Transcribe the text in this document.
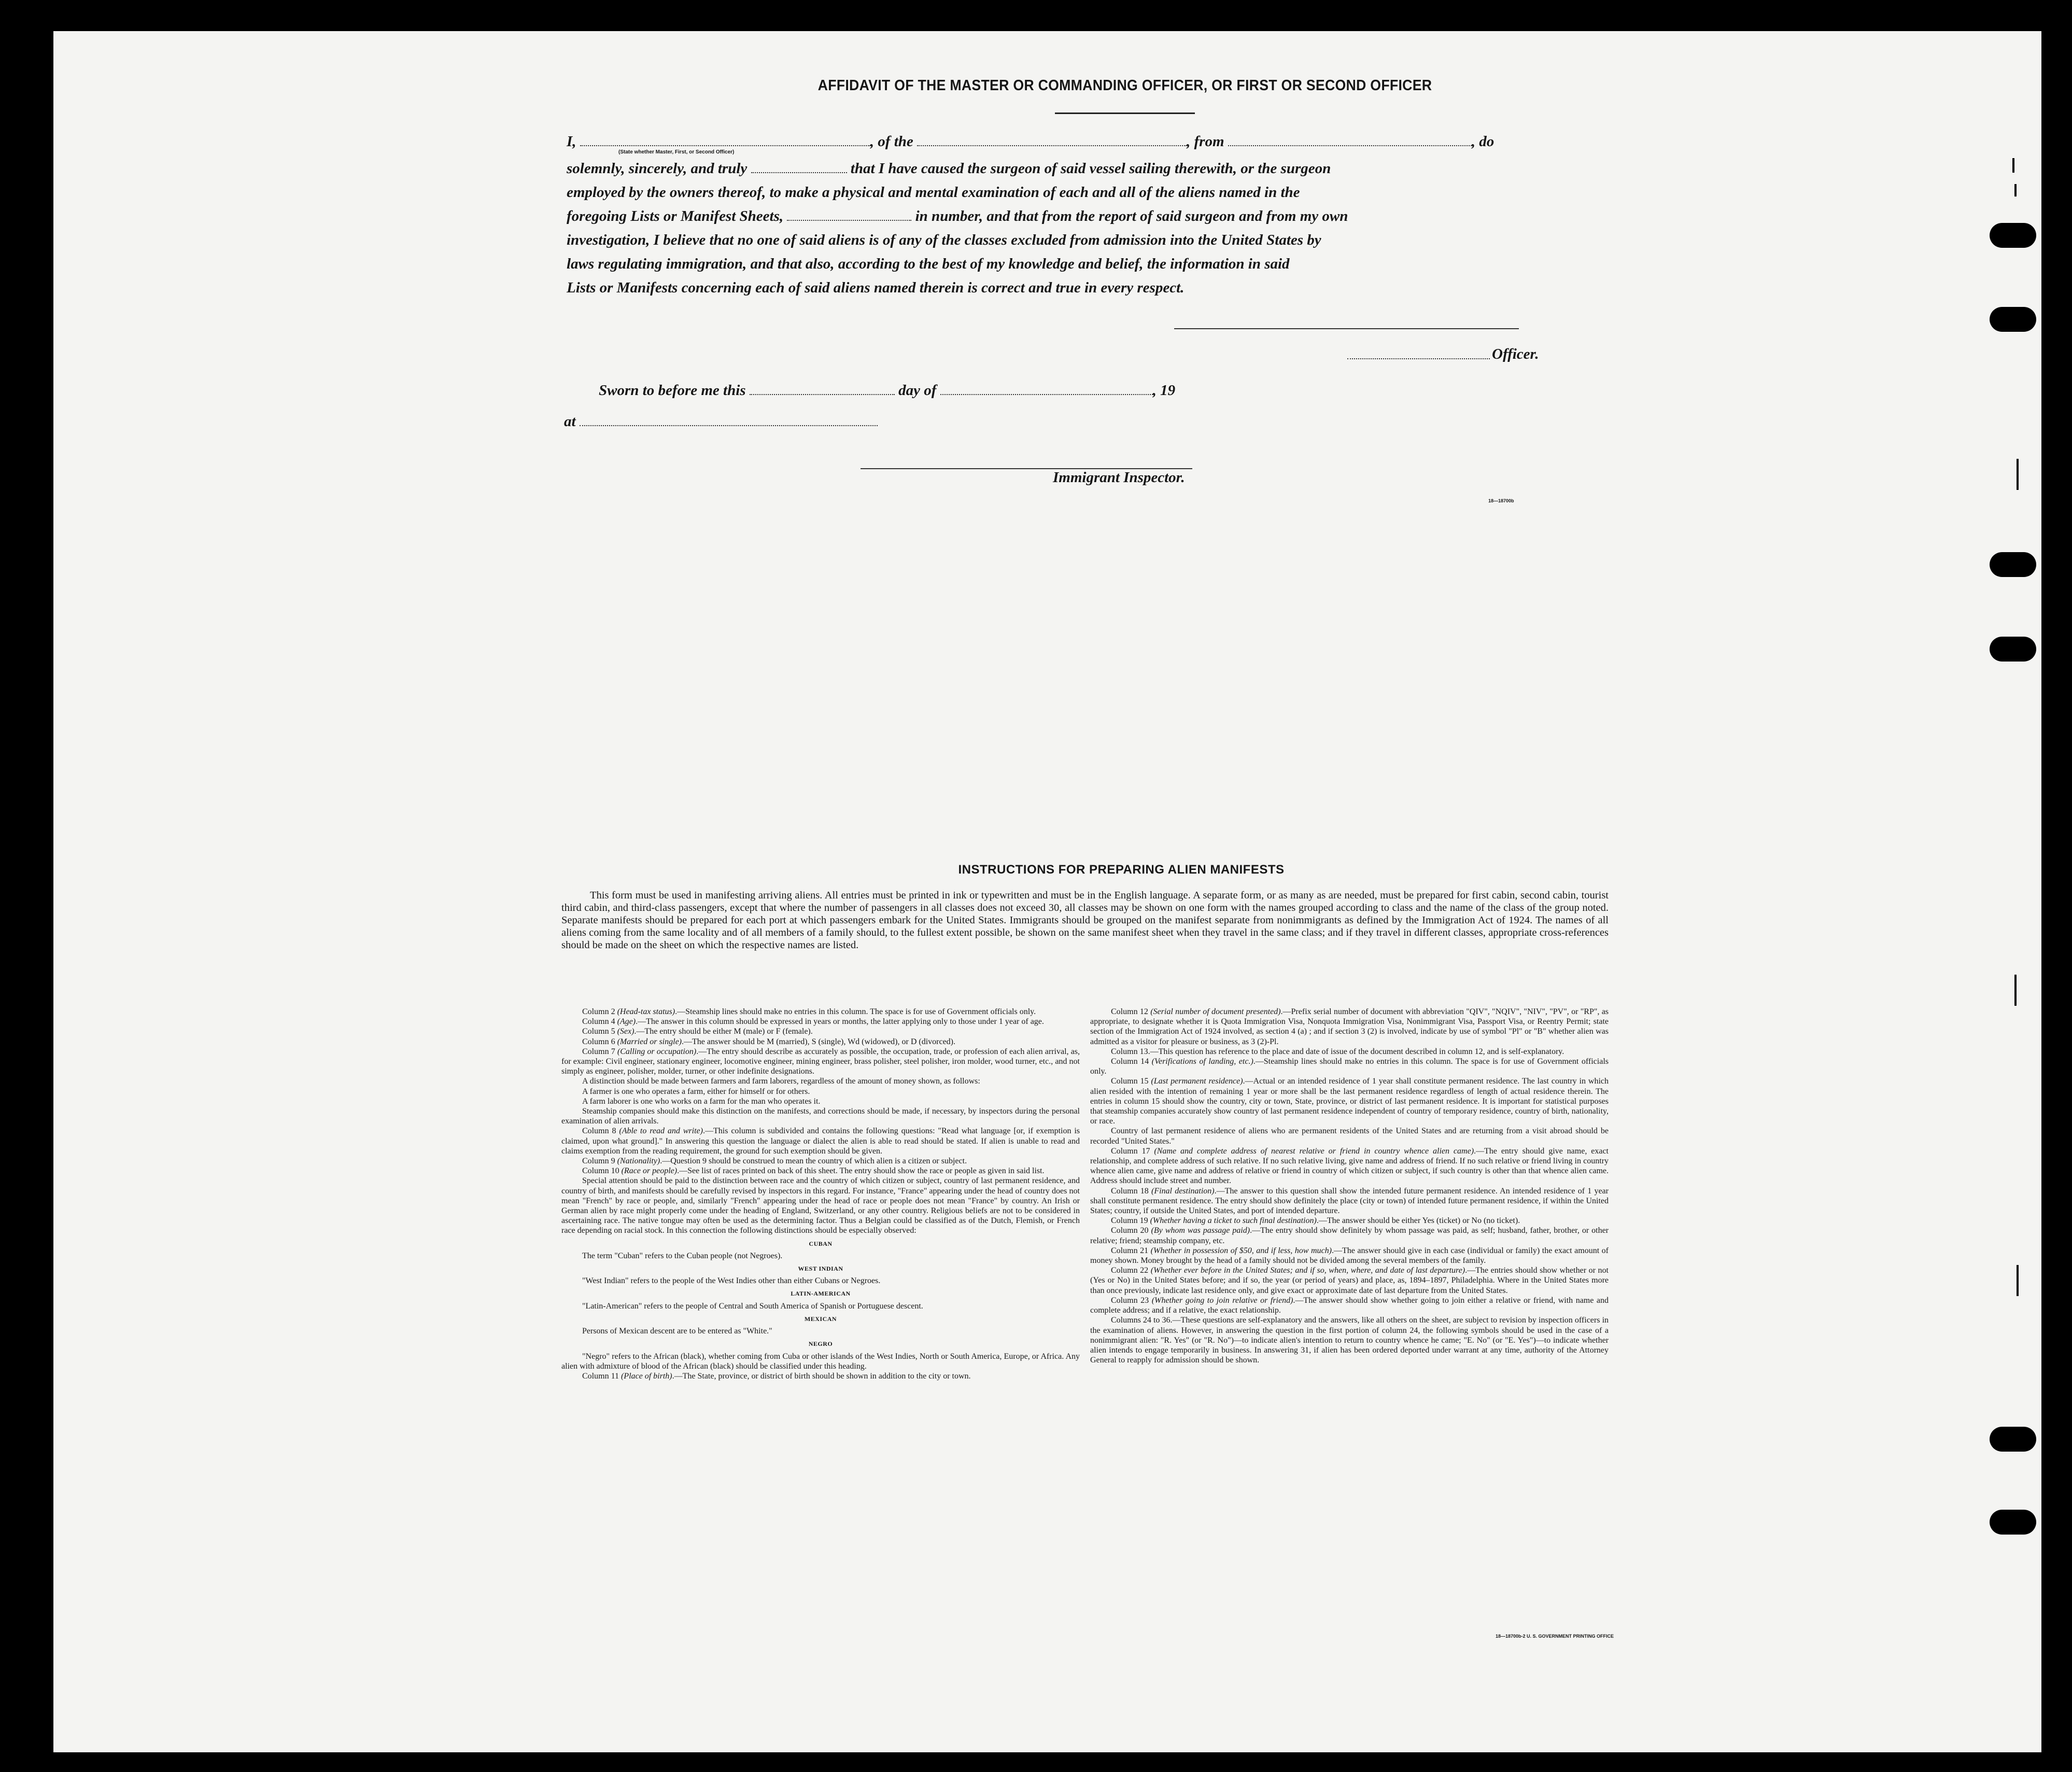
AFFIDAVIT OF THE MASTER OR COMMANDING OFFICER, OR FIRST OR SECOND OFFICER
I,	, of the	, from	, do
(State whether Master, First, or Second Officer)
solemnly, sincerely, and truly	that I have caused the surgeon of said vessel sailing therewith, or the surgeon
employed by the owners thereof, to make a physical and mental examination of each and all of the aliens named in the
foregoing Lists or Manifest Sheets,	in number, and that from the report of said surgeon and from my own
investigation, I believe that no one of said aliens is of any of the classes excluded from admission into the United States by
laws regulating immigration, and that also, according to the best of my knowledge and belief, the information in said
Lists or Manifests concerning each of said aliens named therein is correct and true in every respect.
Officer.
Sworn to before me this	day of	, 19
at
Immigrant Inspector.
18—18700b
INSTRUCTIONS FOR PREPARING ALIEN MANIFESTS

This form must be used in manifesting arriving aliens. All entries must be printed in ink or typewritten and must be in the English language. A separate form, or as many as are needed, must be prepared for first cabin, second cabin, tourist third cabin, and third-class passengers, except that where the number of passengers in all classes does not exceed 30, all classes may be shown on one form with the names grouped according to class and the name of the class of the group noted. Separate manifests should be prepared for each port at which passengers embark for the United States. Immigrants should be grouped on the manifest separate from nonimmigrants as defined by the Immigration Act of 1924. The names of all aliens coming from the same locality and of all members of a family should, to the fullest extent possible, be shown on the same manifest sheet when they travel in the same class; and if they travel in different classes, appropriate cross-references should be made on the sheet on which the respective names are listed.

Column 2 (Head-tax status).—Steamship lines should make no entries in this column. The space is for use of Government officials only.

Column 4 (Age).—The answer in this column should be expressed in years or months, the latter applying only to those under 1 year of age.

Column 5 (Sex).—The entry should be either M (male) or F (female).

Column 6 (Married or single).—The answer should be M (married), S (single), Wd (widowed), or D (divorced).

Column 7 (Calling or occupation).—The entry should describe as accurately as possible, the occupation, trade, or profession of each alien arrival, as, for example: Civil engineer, stationary engineer, locomotive engineer, mining engineer, brass polisher, steel polisher, iron molder, wood turner, etc., and not simply as engineer, polisher, molder, turner, or other indefinite designations.

A distinction should be made between farmers and farm laborers, regardless of the amount of money shown, as follows:

A farmer is one who operates a farm, either for himself or for others.

A farm laborer is one who works on a farm for the man who operates it.

Steamship companies should make this distinction on the manifests, and corrections should be made, if necessary, by inspectors during the personal examination of alien arrivals.

Column 8 (Able to read and write).—This column is subdivided and contains the following questions: "Read what language [or, if exemption is claimed, upon what ground]." In answering this question the language or dialect the alien is able to read should be stated. If alien is unable to read and claims exemption from the reading requirement, the ground for such exemption should be given.

Column 9 (Nationality).—Question 9 should be construed to mean the country of which alien is a citizen or subject.

Column 10 (Race or people).—See list of races printed on back of this sheet. The entry should show the race or people as given in said list.

Special attention should be paid to the distinction between race and the country of which citizen or subject, country of last permanent residence, and country of birth, and manifests should be carefully revised by inspectors in this regard. For instance, "France" appearing under the head of country does not mean "French" by race or people, and, similarly "French" appearing under the head of race or people does not mean "France" by country. An Irish or German alien by race might properly come under the heading of England, Switzerland, or any other country. Religious beliefs are not to be considered in ascertaining race. The native tongue may often be used as the determining factor. Thus a Belgian could be classified as of the Dutch, Flemish, or French race depending on racial stock. In this connection the following distinctions should be especially observed:

CUBAN

The term "Cuban" refers to the Cuban people (not Negroes).

WEST INDIAN

"West Indian" refers to the people of the West Indies other than either Cubans or Negroes.

LATIN-AMERICAN

"Latin-American" refers to the people of Central and South America of Spanish or Portuguese descent.

MEXICAN

Persons of Mexican descent are to be entered as "White."

NEGRO

"Negro" refers to the African (black), whether coming from Cuba or other islands of the West Indies, North or South America, Europe, or Africa. Any alien with admixture of blood of the African (black) should be classified under this heading.

Column 11 (Place of birth).—The State, province, or district of birth should be shown in addition to the city or town.

Column 12 (Serial number of document presented).—Prefix serial number of document with abbreviation "QIV", "NQIV", "NIV", "PV", or "RP", as appropriate, to designate whether it is Quota Immigration Visa, Nonquota Immigration Visa, Nonimmigrant Visa, Passport Visa, or Reentry Permit; state section of the Immigration Act of 1924 involved, as section 4 (a) ; and if section 3 (2) is involved, indicate by use of symbol "Pl" or "B" whether alien was admitted as a visitor for pleasure or business, as 3 (2)-Pl.

Column 13.—This question has reference to the place and date of issue of the document described in column 12, and is self-explanatory.

Column 14 (Verifications of landing, etc.).—Steamship lines should make no entries in this column. The space is for use of Government officials only.

Column 15 (Last permanent residence).—Actual or an intended residence of 1 year shall constitute permanent residence. The last country in which alien resided with the intention of remaining 1 year or more shall be the last permanent residence regardless of length of actual residence therein. The entries in column 15 should show the country, city or town, State, province, or district of last permanent residence. It is important for statistical purposes that steamship companies accurately show country of last permanent residence independent of country of temporary residence, country of birth, nationality, or race.

Country of last permanent residence of aliens who are permanent residents of the United States and are returning from a visit abroad should be recorded "United States."

Column 17 (Name and complete address of nearest relative or friend in country whence alien came).—The entry should give name, exact relationship, and complete address of such relative. If no such relative living, give name and address of friend. If no such relative or friend living in country whence alien came, give name and address of relative or friend in country of which citizen or subject, if such country is other than that whence alien came. Address should include street and number.

Column 18 (Final destination).—The answer to this question shall show the intended future permanent residence. An intended residence of 1 year shall constitute permanent residence. The entry should show definitely the place (city or town) of intended future permanent residence, if within the United States; country, if outside the United States, and port of intended departure.

Column 19 (Whether having a ticket to such final destination).—The answer should be either Yes (ticket) or No (no ticket).

Column 20 (By whom was passage paid).—The entry should show definitely by whom passage was paid, as self; husband, father, brother, or other relative; friend; steamship company, etc.

Column 21 (Whether in possession of $50, and if less, how much).—The answer should give in each case (individual or family) the exact amount of money shown. Money brought by the head of a family should not be divided among the several members of the family.

Column 22 (Whether ever before in the United States; and if so, when, where, and date of last departure).—The entries should show whether or not (Yes or No) in the United States before; and if so, the year (or period of years) and place, as, 1894–1897, Philadelphia. Where in the United States more than once previously, indicate last residence only, and give exact or approximate date of last departure from the United States.

Column 23 (Whether going to join relative or friend).—The answer should show whether going to join either a relative or friend, with name and complete address; and if a relative, the exact relationship.

Columns 24 to 36.—These questions are self-explanatory and the answers, like all others on the sheet, are subject to revision by inspection officers in the examination of aliens. However, in answering the question in the first portion of column 24, the following symbols should be used in the case of a nonimmigrant alien: "R. Yes" (or "R. No")—to indicate alien's intention to return to country whence he came; "E. No" (or "E. Yes")—to indicate whether alien intends to engage temporarily in business. In answering 31, if alien has been ordered deported under warrant at any time, authority of the Attorney General to reapply for admission should be shown.

18—18700b-2 U. S. GOVERNMENT PRINTING OFFICE
